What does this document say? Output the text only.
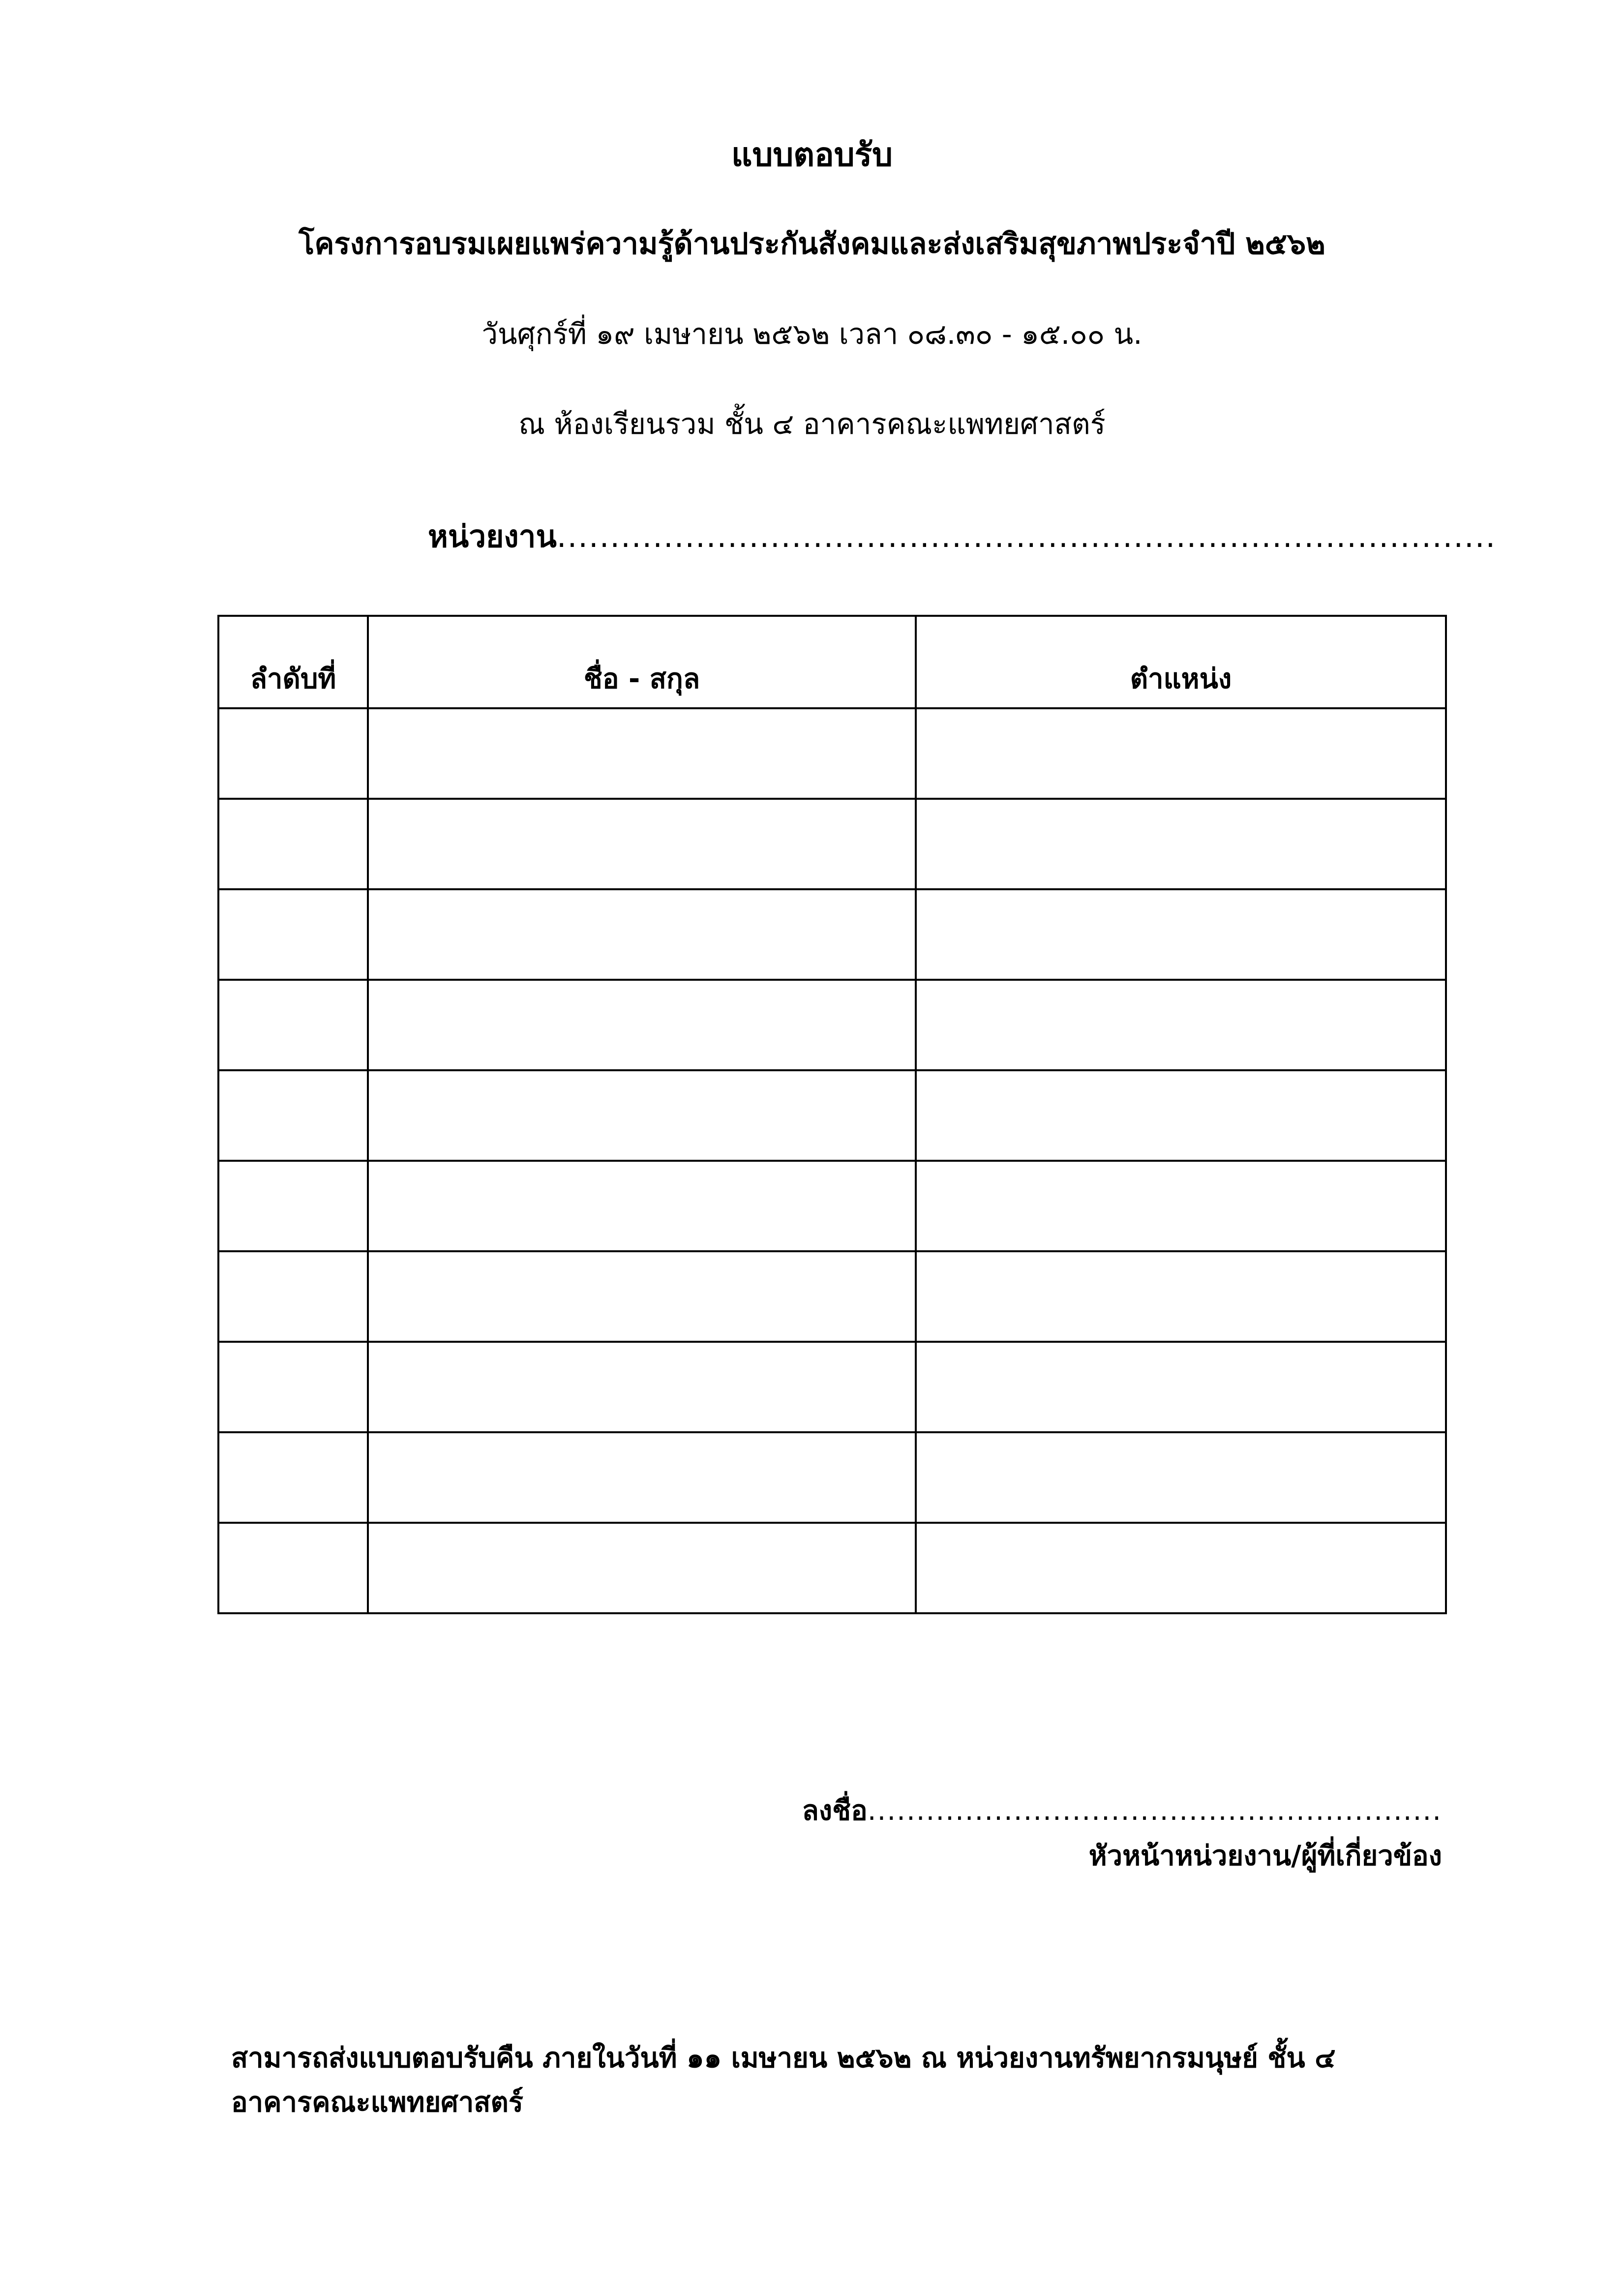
แบบตอบรับ
โครงการอบรมเผยแพร่ความรู้ด้านประกันสังคมและส่งเสริมสุขภาพประจำปี ๒๕๖๒
วันศุกร์ที่ ๑๙ เมษายน ๒๕๖๒ เวลา ๐๘.๓๐ - ๑๕.๐๐ น.
ณ ห้องเรียนรวม ชั้น ๔ อาคารคณะแพทยศาสตร์
หน่วยงาน........................................................................................
ลำดับที่	ชื่อ - สกุล	ตำแหน่ง

ลงชื่อ...........................................................
หัวหน้าหน่วยงาน/ผู้ที่เกี่ยวข้อง
สามารถส่งแบบตอบรับคืน ภายในวันที่ ๑๑ เมษายน ๒๕๖๒ ณ หน่วยงานทรัพยากรมนุษย์ ชั้น ๔
อาคารคณะแพทยศาสตร์
